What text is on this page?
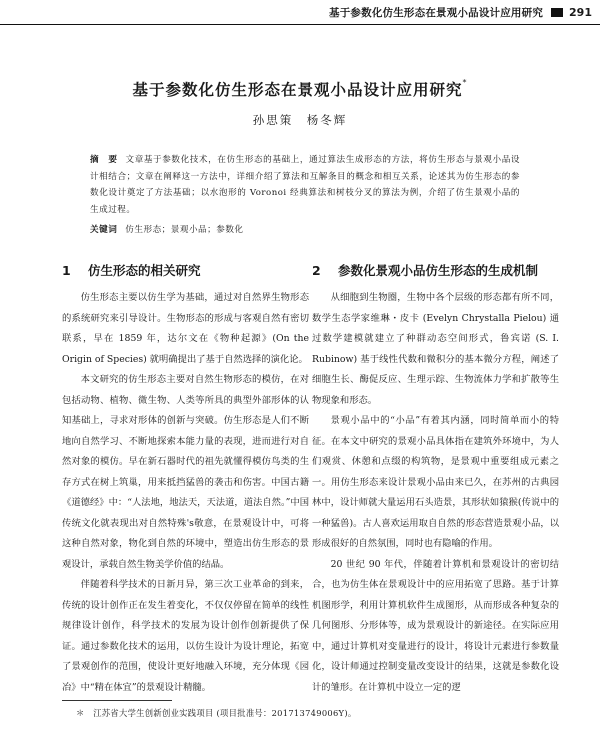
基于参数化仿生形态在景观小品设计应用研究 291
基于参数化仿生形态在景观小品设计应用研究*
孙思策　杨冬辉
摘　要 文章基于参数化技术，在仿生形态的基础上，通过算法生成形态的方法，将仿生形态与景观小品设计相结合；文章在阐释这一方法中，详细介绍了算法和互解条目的概念和相互关系，论述其为仿生形态的参数化设计奠定了方法基础；以水泡形的 Voronoi 经典算法和树枝分叉的算法为例，介绍了仿生景观小品的生成过程。
关键词 仿生形态；景观小品；参数化
1	仿生形态的相关研究

仿生形态主要以仿生学为基础，通过对自然界生物形态的系统研究来引导设计。生物形态的形成与客观自然有密切联系，早在 1859 年，达尔文在《物种起源》(On the Origin of Species) 就明确提出了基于自然选择的演化论。

本文研究的仿生形态主要对自然生物形态的模仿，在对包括动物、植物、微生物、人类等所具的典型外部形体的认知基础上，寻求对形体的创新与突破。仿生形态是人们不断地向自然学习、不断地探索本能力量的表现，进而进行对自然对象的模仿。早在新石器时代的祖先就懂得模仿鸟类的生存方式在树上筑巢，用来抵挡猛兽的袭击和伤害。中国古籍《道德经》中：“人法地，地法天，天法道，道法自然。”中国传统文化就表现出对自然特殊's敬意，在景观设计中，可将这种自然对象，物化到自然的环境中，塑造出仿生形态的景观设计，承载自然生物美学价值的结晶。

伴随着科学技术的日新月异，第三次工业革命的到来，传统的设计创作正在发生着变化，不仅仅停留在简单的线性规律设计创作，科学技术的发展为设计创作创新提供了保证。通过参数化技术的运用，以仿生设计为设计理论，拓宽了景观创作的范围，使设计更好地融入环境，充分体现《园冶》中“精在体宜”的景观设计精髓。

2	参数化景观小品仿生形态的生成机制

从细胞到生物圈，生物中各个层级的形态都有所不同，数学生态学家维琳・皮卡 (Evelyn Chrystalla Pielou) 通过数学建模就建立了种群动态空间形式，鲁宾诺 (S. I. Rubinow) 基于线性代数和微积分的基本微分方程，阐述了细胞生长、酶促反应、生理示踪、生物流体力学和扩散等生物现象和形态。

景观小品中的“小品”有着其内涵，同时简单而小的特征。在本文中研究的景观小品具体指在建筑外环境中，为人们观赏、休憩和点缀的构筑物，是景观中重要组成元素之一。用仿生形态来设计景观小品由来已久，在苏州的古典园林中，设计师就大量运用石头造景，其形状如猿猴(传说中的一种猛兽)。古人喜欢运用取自自然的形态营造景观小品，以形成很好的自然氛围，同时也有隐喻的作用。

20 世纪 90 年代，伴随着计算机和景观设计的密切结合，也为仿生体在景观设计中的应用拓宽了思路。基于计算机图形学，利用计算机软件生成图形，从而形成各种复杂的几何图形、分形体等，成为景观设计的新途径。在实际应用中，通过计算机对变量进行的设计，将设计元素进行参数量化，设计师通过控制变量改变设计的结果，这就是参数化设计的雏形。在计算机中设立一定的逻

＊　江苏省大学生创新创业实践项目 (项目批准号：201713749006Y)。
